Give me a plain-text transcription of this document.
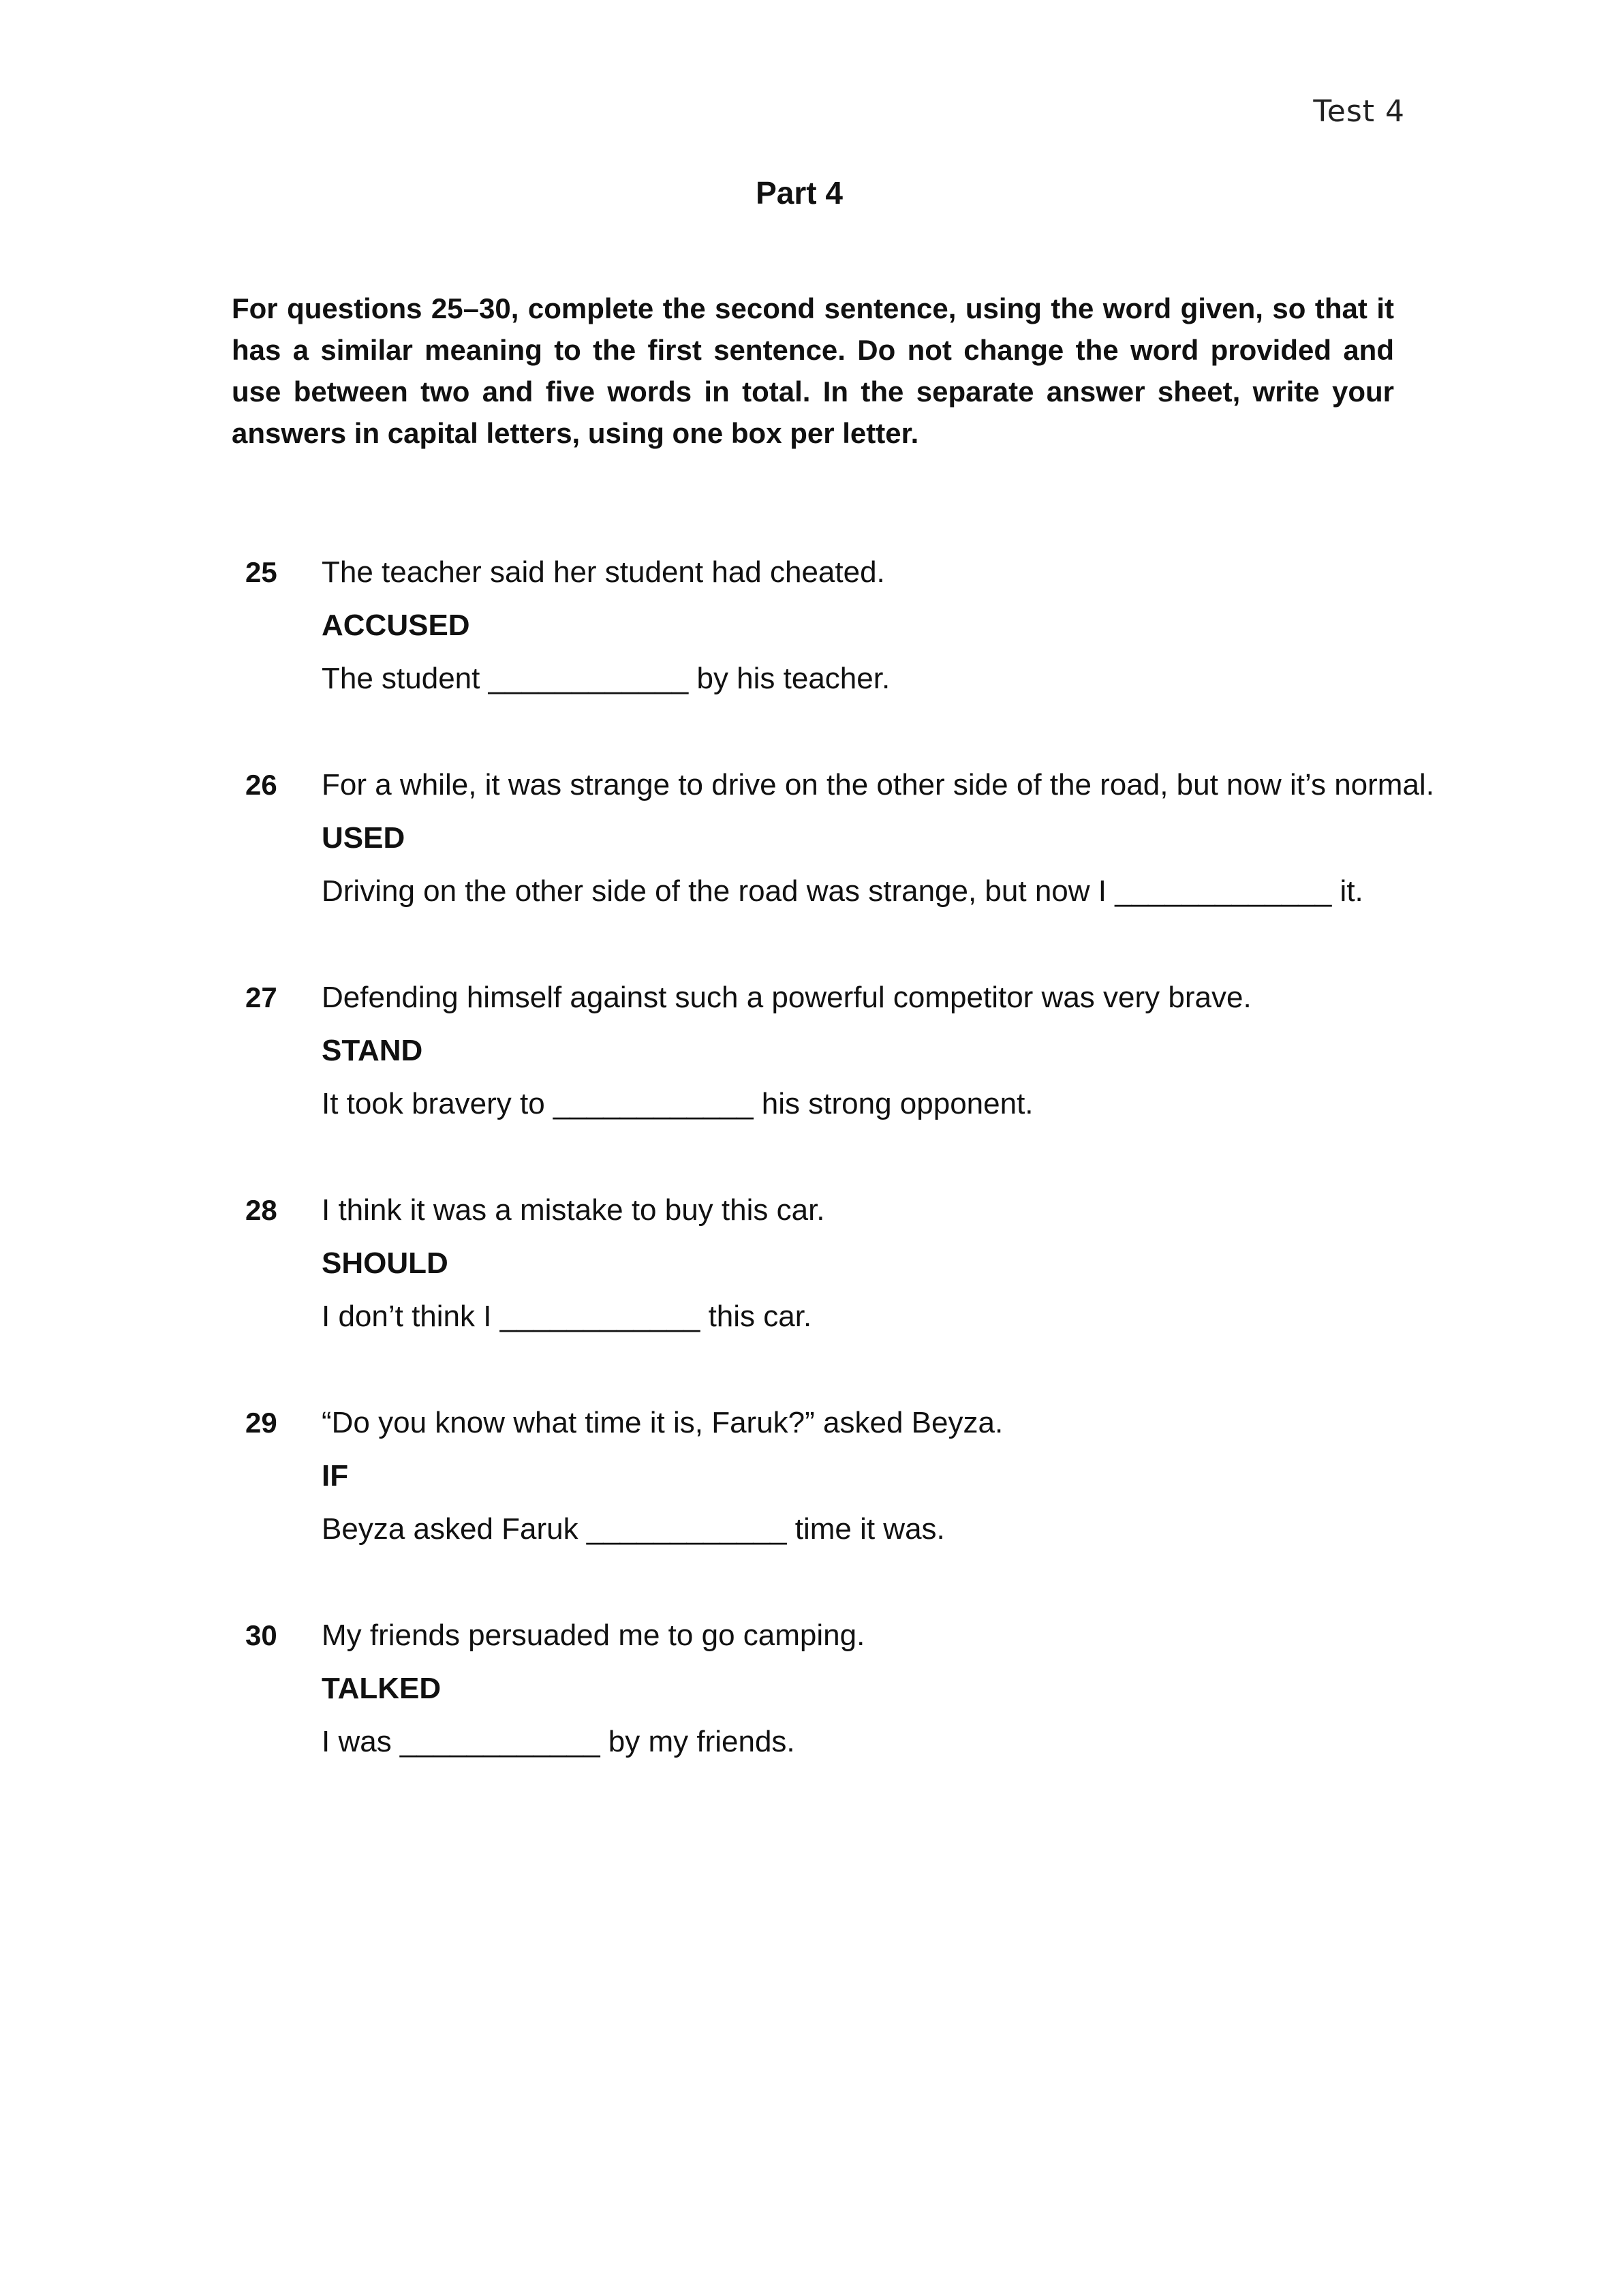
Test 4
Part 4
For questions 25–30, complete the second sentence, using the word given, so that it has a similar meaning to the first sentence. Do not change the word provided and use between two and five words in total. In the separate answer sheet, write your answers in capital letters, using one box per letter.
25 The teacher said her student had cheated.
ACCUSED
The student ____________ by his teacher.
26 For a while, it was strange to drive on the other side of the road, but now it’s normal.
USED
Driving on the other side of the road was strange, but now I _____________ it.
27 Defending himself against such a powerful competitor was very brave.
STAND
It took bravery to ____________ his strong opponent.
28 I think it was a mistake to buy this car.
SHOULD
I don’t think I ____________ this car.
29 “Do you know what time it is, Faruk?” asked Beyza.
IF
Beyza asked Faruk ____________ time it was.
30 My friends persuaded me to go camping.
TALKED
I was ____________ by my friends.
